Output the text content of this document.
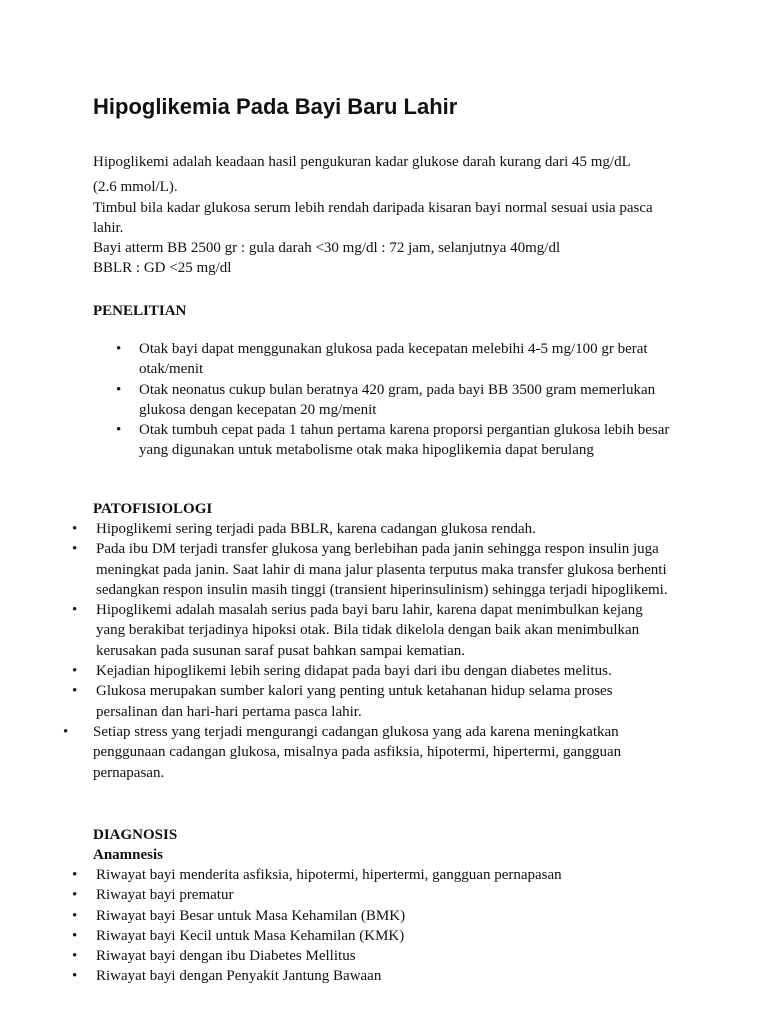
Hipoglikemia Pada Bayi Baru Lahir

Hipoglikemi adalah keadaan hasil pengukuran kadar glukose darah kurang dari 45 mg/dL

(2.6 mmol/L).

Timbul bila kadar glukosa serum lebih rendah daripada kisaran bayi normal sesuai usia pasca lahir.

Bayi atterm BB 2500 gr : gula darah <30 mg/dl : 72 jam, selanjutnya 40mg/dl

BBLR : GD <25 mg/dl

PENELITIAN
• Otak bayi dapat menggunakan glukosa pada kecepatan melebihi 4-5 mg/100 gr berat otak/menit
• Otak neonatus cukup bulan beratnya 420 gram, pada bayi BB 3500 gram memerlukan glukosa dengan kecepatan 20 mg/menit
• Otak tumbuh cepat pada 1 tahun pertama karena proporsi pergantian glukosa lebih besar yang digunakan untuk metabolisme otak maka hipoglikemia dapat berulang
PATOFISIOLOGI
• Hipoglikemi sering terjadi pada BBLR, karena cadangan glukosa rendah.
• Pada ibu DM terjadi transfer glukosa yang berlebihan pada janin sehingga respon insulin juga meningkat pada janin. Saat lahir di mana jalur plasenta terputus maka transfer glukosa berhenti sedangkan respon insulin masih tinggi (transient hiperinsulinism) sehingga terjadi hipoglikemi.
• Hipoglikemi adalah masalah serius pada bayi baru lahir, karena dapat menimbulkan kejang yang berakibat terjadinya hipoksi otak. Bila tidak dikelola dengan baik akan menimbulkan kerusakan pada susunan saraf pusat bahkan sampai kematian.
• Kejadian hipoglikemi lebih sering didapat pada bayi dari ibu dengan diabetes melitus.
• Glukosa merupakan sumber kalori yang penting untuk ketahanan hidup selama proses persalinan dan hari-hari pertama pasca lahir.
• Setiap stress yang terjadi mengurangi cadangan glukosa yang ada karena meningkatkan penggunaan cadangan glukosa, misalnya pada asfiksia, hipotermi, hipertermi, gangguan pernapasan.
DIAGNOSIS
Anamnesis
• Riwayat bayi menderita asfiksia, hipotermi, hipertermi, gangguan pernapasan
• Riwayat bayi prematur
• Riwayat bayi Besar untuk Masa Kehamilan (BMK)
• Riwayat bayi Kecil untuk Masa Kehamilan (KMK)
• Riwayat bayi dengan ibu Diabetes Mellitus
• Riwayat bayi dengan Penyakit Jantung Bawaan
